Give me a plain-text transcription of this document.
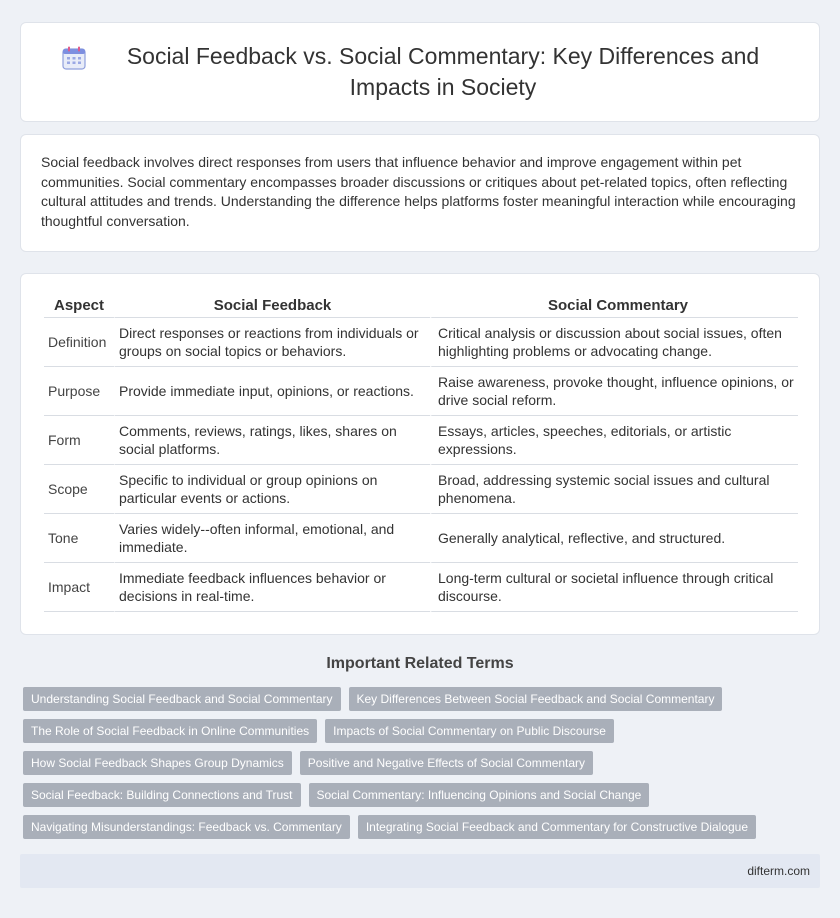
Social Feedback vs. Social Commentary: Key Differences and Impacts in Society

Social feedback involves direct responses from users that influence behavior and improve engagement within pet communities. Social commentary encompasses broader discussions or critiques about pet-related topics, often reflecting cultural attitudes and trends. Understanding the difference helps platforms foster meaningful interaction while encouraging thoughtful conversation.

Aspect	Social Feedback	Social Commentary
Definition	Direct responses or reactions from individuals or groups on social topics or behaviors.	Critical analysis or discussion about social issues, often highlighting problems or advocating change.
Purpose	Provide immediate input, opinions, or reactions.	Raise awareness, provoke thought, influence opinions, or drive social reform.
Form	Comments, reviews, ratings, likes, shares on social platforms.	Essays, articles, speeches, editorials, or artistic expressions.
Scope	Specific to individual or group opinions on particular events or actions.	Broad, addressing systemic social issues and cultural phenomena.
Tone	Varies widely--often informal, emotional, and immediate.	Generally analytical, reflective, and structured.
Impact	Immediate feedback influences behavior or decisions in real-time.	Long-term cultural or societal influence through critical discourse.
Important Related Terms
Understanding Social Feedback and Social Commentary	Key Differences Between Social Feedback and Social Commentary
The Role of Social Feedback in Online Communities	Impacts of Social Commentary on Public Discourse
How Social Feedback Shapes Group Dynamics	Positive and Negative Effects of Social Commentary
Social Feedback: Building Connections and Trust	Social Commentary: Influencing Opinions and Social Change
Navigating Misunderstandings: Feedback vs. Commentary	Integrating Social Feedback and Commentary for Constructive Dialogue
difterm.com
